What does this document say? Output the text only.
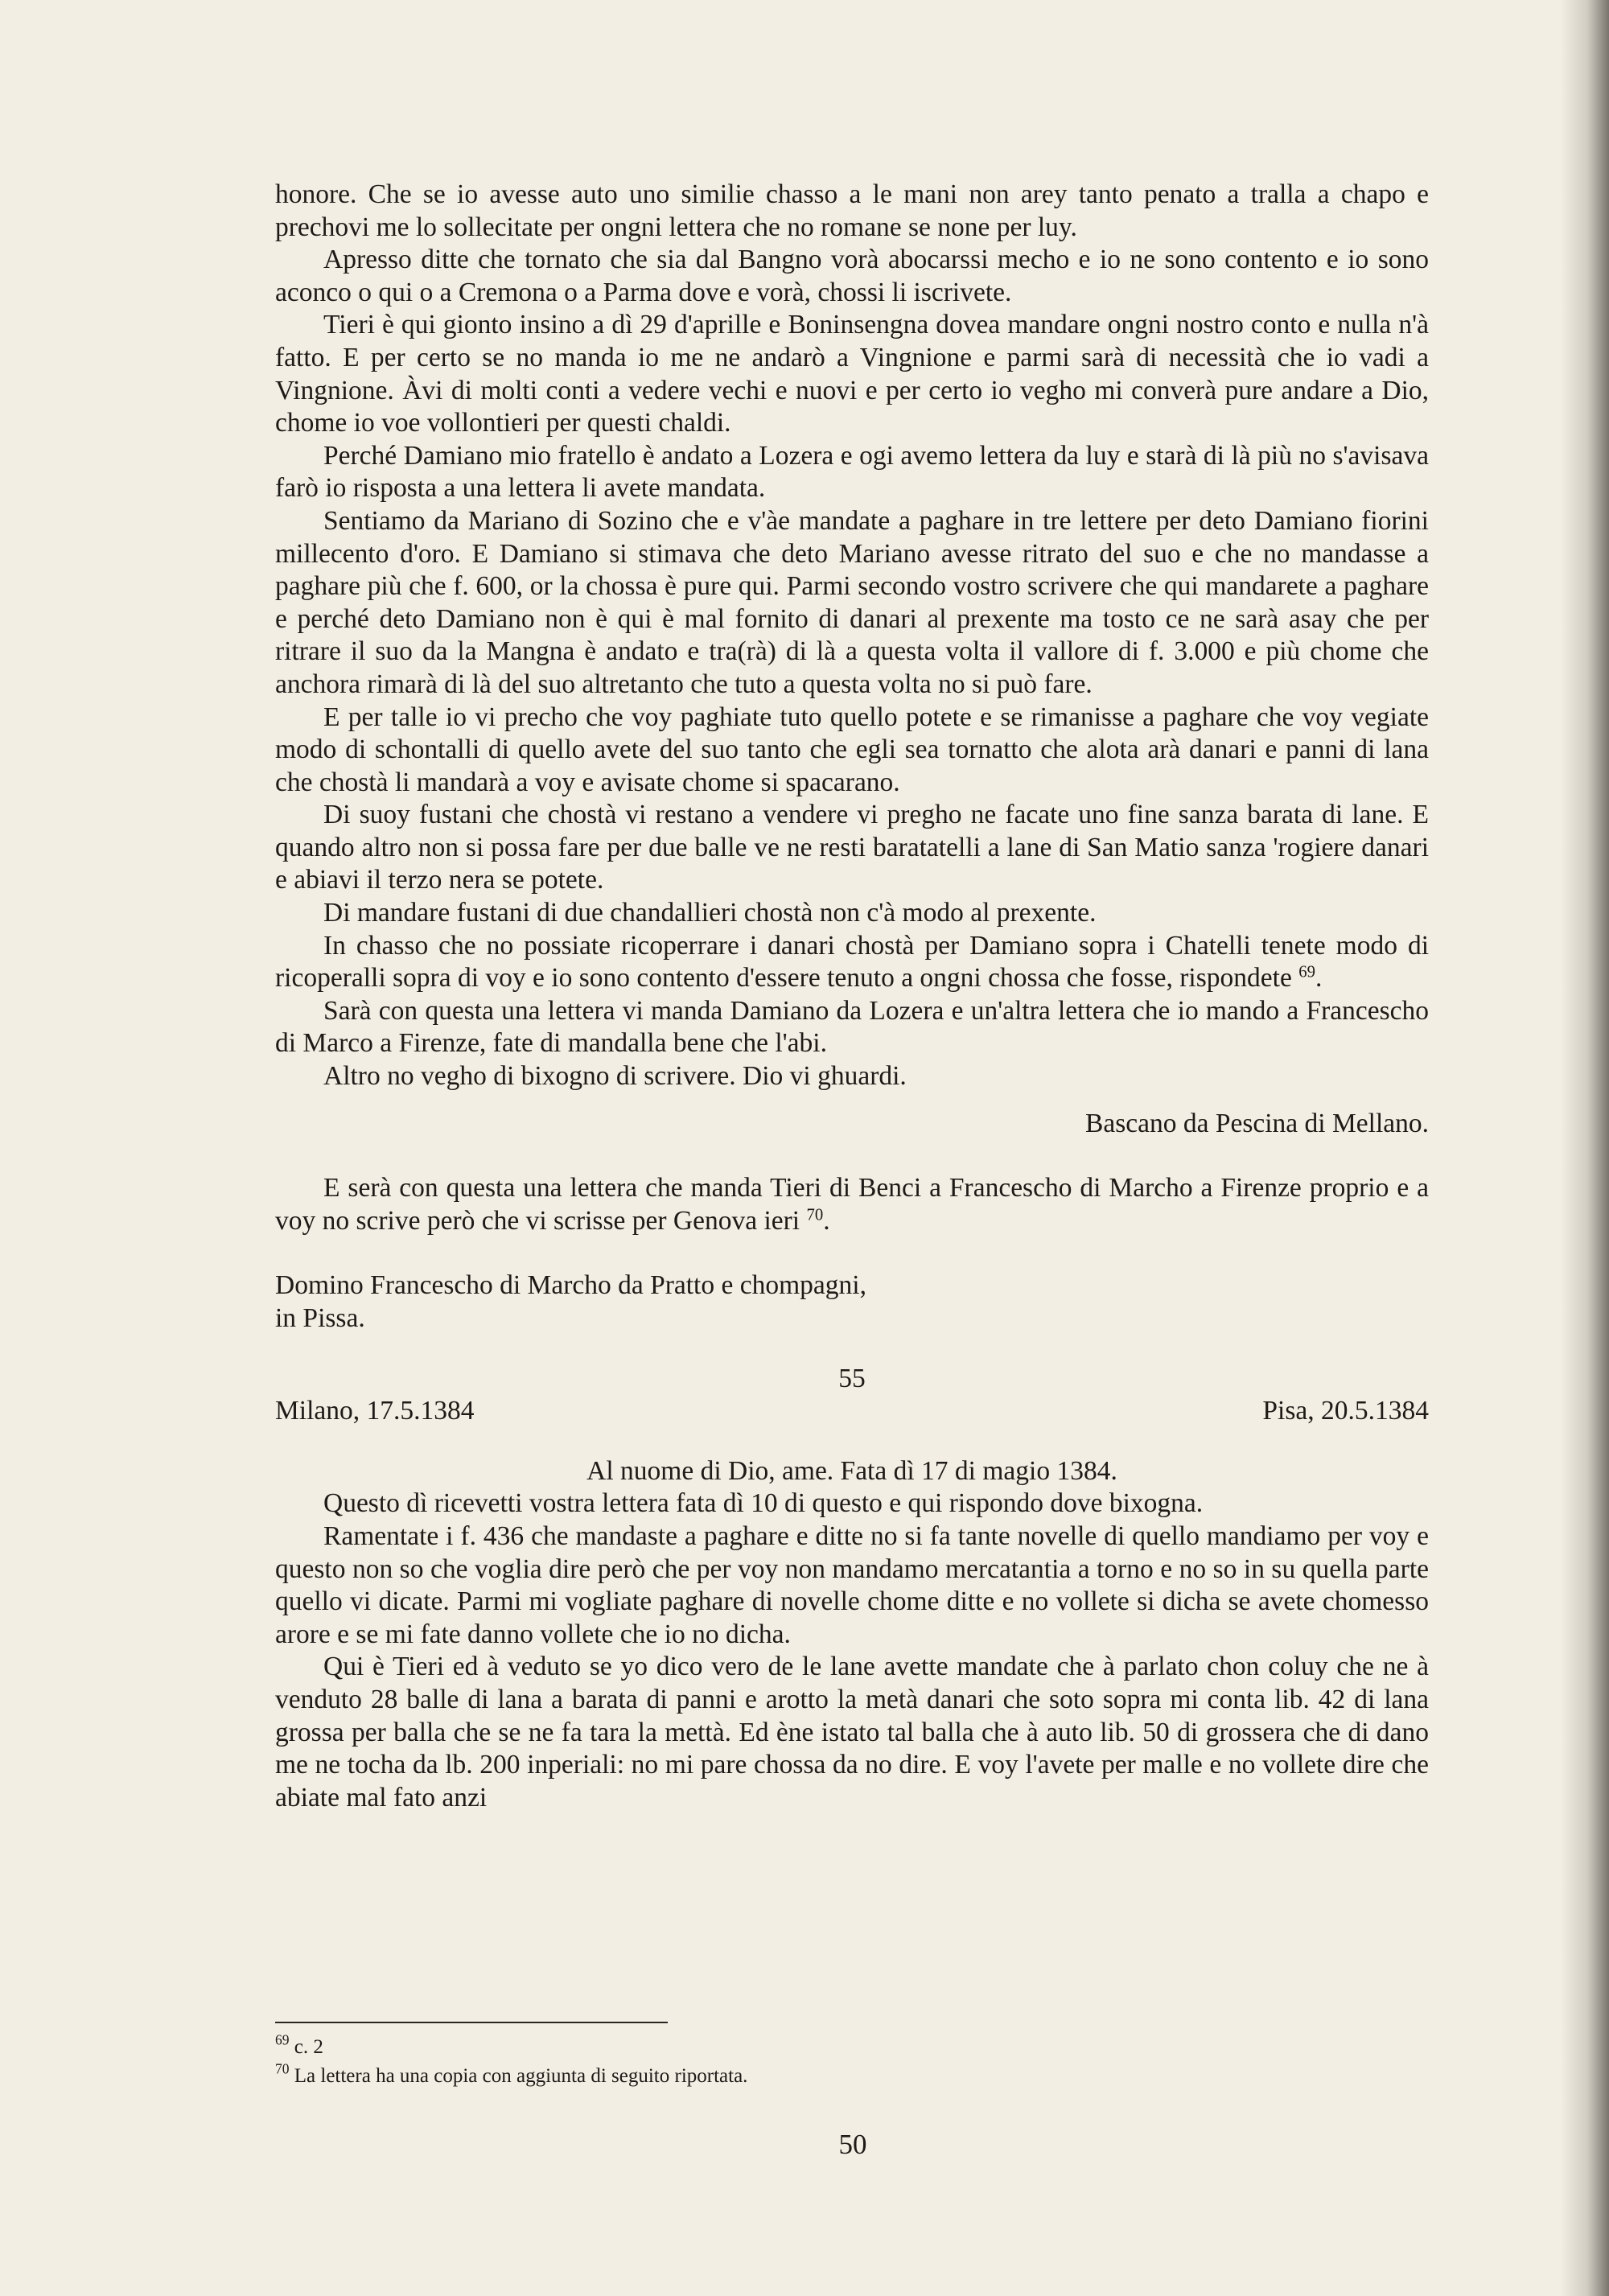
honore. Che se io avesse auto uno similie chasso a le mani non arey tanto penato a tralla a chapo e prechovi me lo sollecitate per ongni lettera che no romane se none per luy.

Apresso ditte che tornato che sia dal Bangno vorà abocarssi mecho e io ne sono contento e io sono aconco o qui o a Cremona o a Parma dove e vorà, chossi li iscrivete.

Tieri è qui gionto insino a dì 29 d'aprille e Boninsengna dovea mandare ongni nostro conto e nulla n'à fatto. E per certo se no manda io me ne andarò a Vingnione e parmi sarà di necessità che io vadi a Vingnione. Àvi di molti conti a vedere vechi e nuovi e per certo io vegho mi converà pure andare a Dio, chome io voe vollontieri per questi chaldi.

Perché Damiano mio fratello è andato a Lozera e ogi avemo lettera da luy e starà di là più no s'avisava farò io risposta a una lettera li avete mandata.

Sentiamo da Mariano di Sozino che e v'àe mandate a paghare in tre lettere per deto Damiano fiorini millecento d'oro. E Damiano si stimava che deto Mariano avesse ritrato del suo e che no mandasse a paghare più che f. 600, or la chossa è pure qui. Parmi secondo vostro scrivere che qui mandarete a paghare e perché deto Damiano non è qui è mal fornito di danari al prexente ma tosto ce ne sarà asay che per ritrare il suo da la Mangna è andato e tra(rà) di là a questa volta il vallore di f. 3.000 e più chome che anchora rimarà di là del suo altretanto che tuto a questa volta no si può fare.

E per talle io vi precho che voy paghiate tuto quello potete e se rimanisse a paghare che voy vegiate modo di schontalli di quello avete del suo tanto che egli sea tornatto che alota arà danari e panni di lana che chostà li mandarà a voy e avisate chome si spacarano.

Di suoy fustani che chostà vi restano a vendere vi pregho ne facate uno fine sanza barata di lane. E quando altro non si possa fare per due balle ve ne resti baratatelli a lane di San Matio sanza 'rogiere danari e abiavi il terzo nera se potete.

Di mandare fustani di due chandallieri chostà non c'à modo al prexente.

In chasso che no possiate ricoperrare i danari chostà per Damiano sopra i Chatelli tenete modo di ricoperalli sopra di voy e io sono contento d'essere tenuto a ongni chossa che fosse, rispondete $^{69}$.

Sarà con questa una lettera vi manda Damiano da Lozera e un'altra lettera che io mando a Francescho di Marco a Firenze, fate di mandalla bene che l'abi.

Altro no vegho di bixogno di scrivere. Dio vi ghuardi.

Bascano da Pescina di Mellano.

E serà con questa una lettera che manda Tieri di Benci a Francescho di Marcho a Firenze proprio e a voy no scrive però che vi scrisse per Genova ieri $^{70}$.

Domino Francescho di Marcho da Pratto e chompagni,

in Pissa.

55
Milano, 17.5.1384	Pisa, 20.5.1384
Al nuome di Dio, ame. Fata dì 17 di magio 1384.

Questo dì ricevetti vostra lettera fata dì 10 di questo e qui rispondo dove bixogna.

Ramentate i f. 436 che mandaste a paghare e ditte no si fa tante novelle di quello mandiamo per voy e questo non so che voglia dire però che per voy non mandamo mercatantia a torno e no so in su quella parte quello vi dicate. Parmi mi vogliate paghare di novelle chome ditte e no vollete si dicha se avete chomesso arore e se mi fate danno vollete che io no dicha.

Qui è Tieri ed à veduto se yo dico vero de le lane avette mandate che à parlato chon coluy che ne à venduto 28 balle di lana a barata di panni e arotto la metà danari che soto sopra mi conta lib. 42 di lana grossa per balla che se ne fa tara la mettà. Ed ène istato tal balla che à auto lib. 50 di grossera che di dano me ne tocha da lb. 200 inperiali: no mi pare chossa da no dire. E voy l'avete per malle e no vollete dire che abiate mal fato anzi

$^{69}$ c. 2

$^{70}$ La lettera ha una copia con aggiunta di seguito riportata.

50
